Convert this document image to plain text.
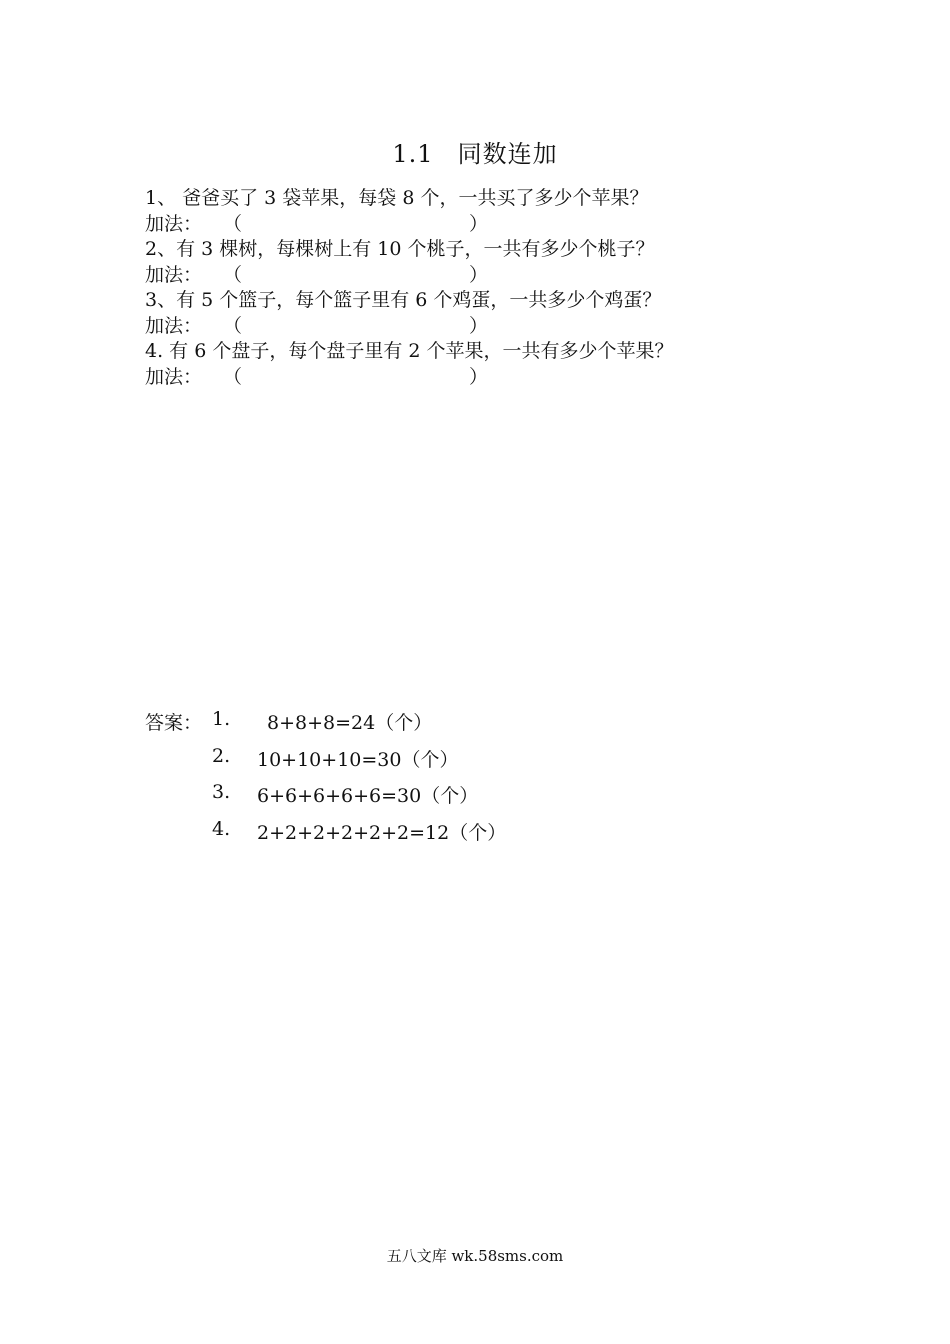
1.1 同数连加
1、 爸爸买了 3 袋苹果，每袋 8 个，一共买了多少个苹果？
加法： （	）
2、有 3 棵树，每棵树上有 10 个桃子，一共有多少个桃子？
加法： （	）
3、有 5 个篮子，每个篮子里有 6 个鸡蛋，一共多少个鸡蛋？
加法： （	）
4. 有 6 个盘子，每个盘子里有 2 个苹果，一共有多少个苹果？
加法： （	）
答案： 1. 8+8+8=24（个）
2. 10+10+10=30（个）
3. 6+6+6+6+6=30（个）
4. 2+2+2+2+2+2=12（个）
五八文库 wk.58sms.com
